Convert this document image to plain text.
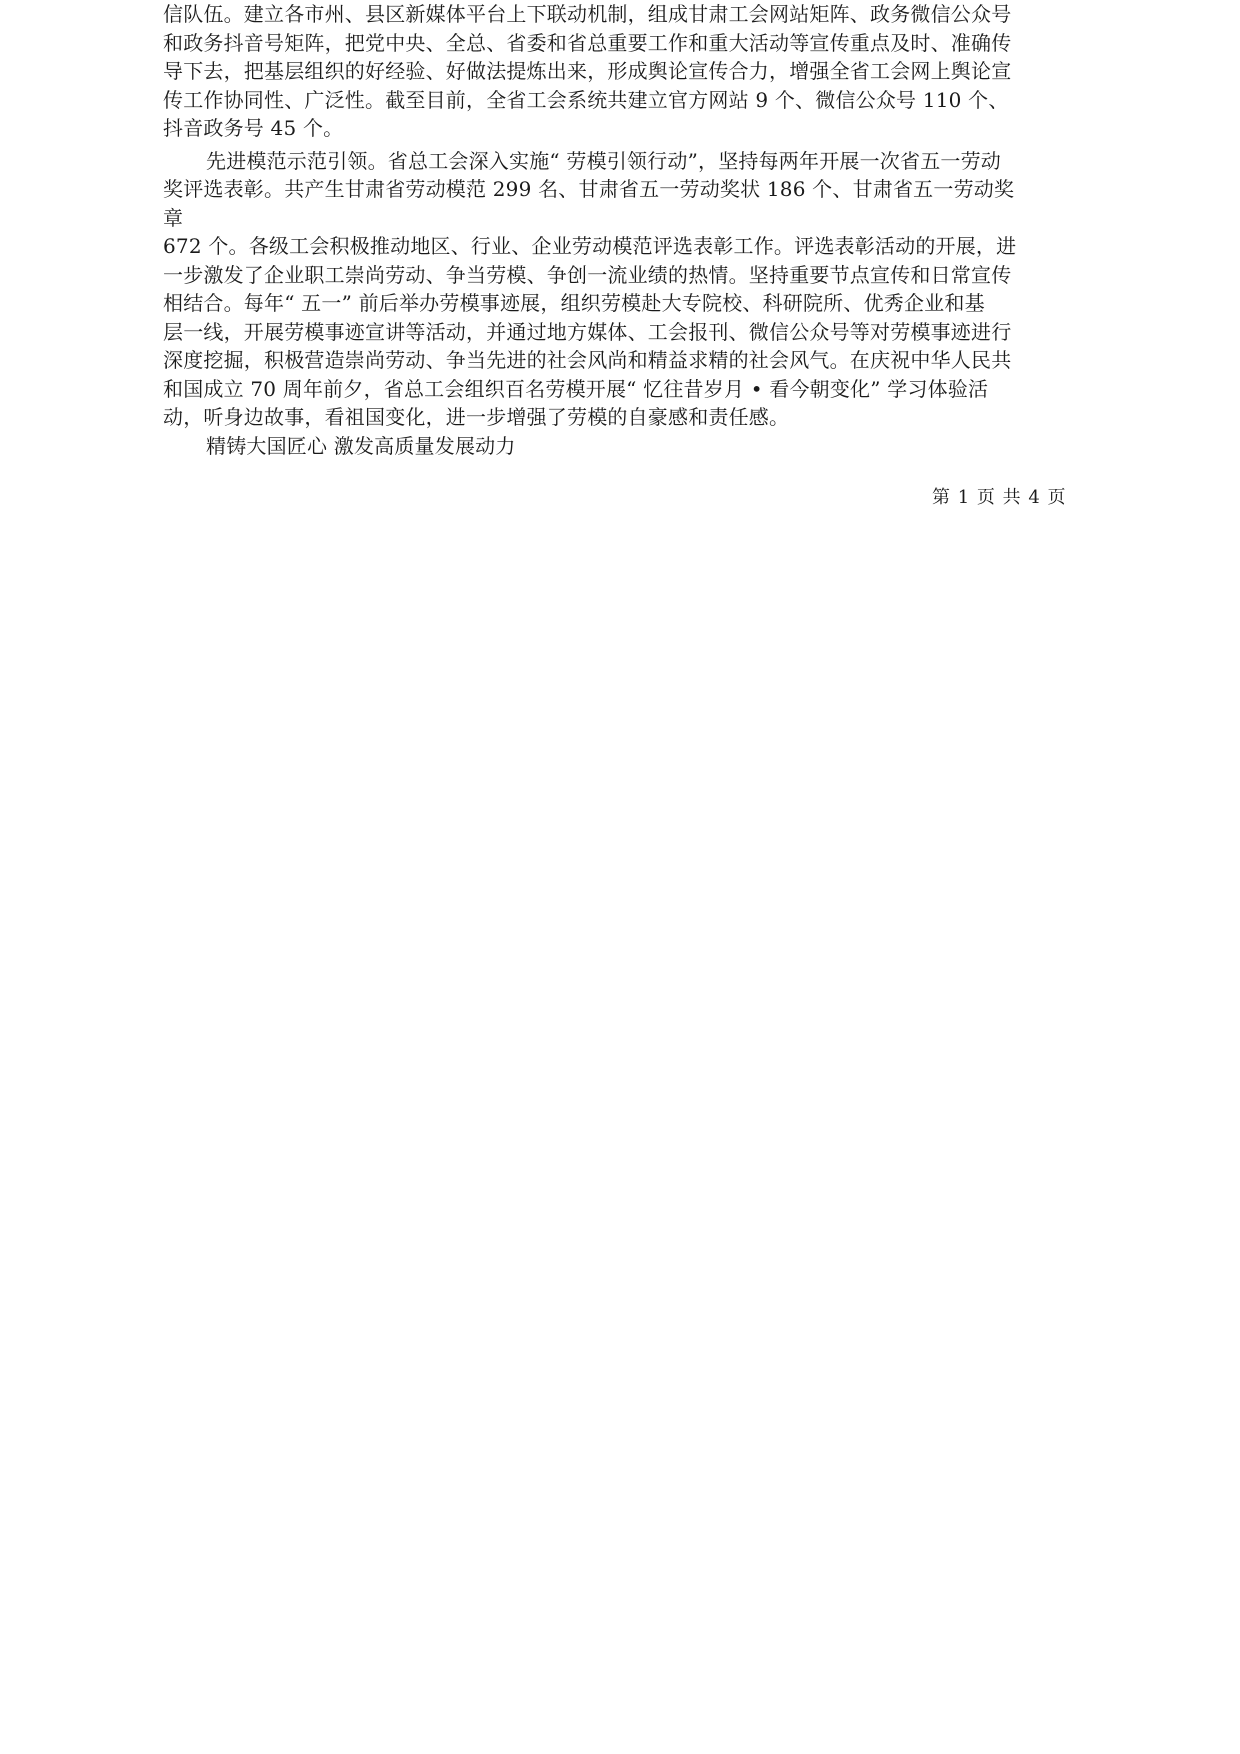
信队伍。建立各市州、县区新媒体平台上下联动机制，组成甘肃工会网站矩阵、政务微信公众号
和政务抖音号矩阵，把党中央、全总、省委和省总重要工作和重大活动等宣传重点及时、准确传
导下去，把基层组织的好经验、好做法提炼出来，形成舆论宣传合力，增强全省工会网上舆论宣
传工作协同性、广泛性。截至目前，全省工会系统共建立官方网站 9 个、微信公众号 110 个、
抖音政务号 45 个。
先进模范示范引领。省总工会深入实施“ 劳模引领行动”，坚持每两年开展一次省五一劳动
奖评选表彰。共产生甘肃省劳动模范 299 名、甘肃省五一劳动奖状 186 个、甘肃省五一劳动奖
章
672 个。各级工会积极推动地区、行业、企业劳动模范评选表彰工作。评选表彰活动的开展，进
一步激发了企业职工崇尚劳动、争当劳模、争创一流业绩的热情。坚持重要节点宣传和日常宣传
相结合。每年“ 五一” 前后举办劳模事迹展，组织劳模赴大专院校、科研院所、优秀企业和基
层一线，开展劳模事迹宣讲等活动，并通过地方媒体、工会报刊、微信公众号等对劳模事迹进行
深度挖掘，积极营造崇尚劳动、争当先进的社会风尚和精益求精的社会风气。在庆祝中华人民共
和国成立 70 周年前夕，省总工会组织百名劳模开展“ 忆往昔岁月 • 看今朝变化” 学习体验活
动，听身边故事，看祖国变化，进一步增强了劳模的自豪感和责任感。
精铸大国匠心 激发高质量发展动力
第 1 页 共 4 页
